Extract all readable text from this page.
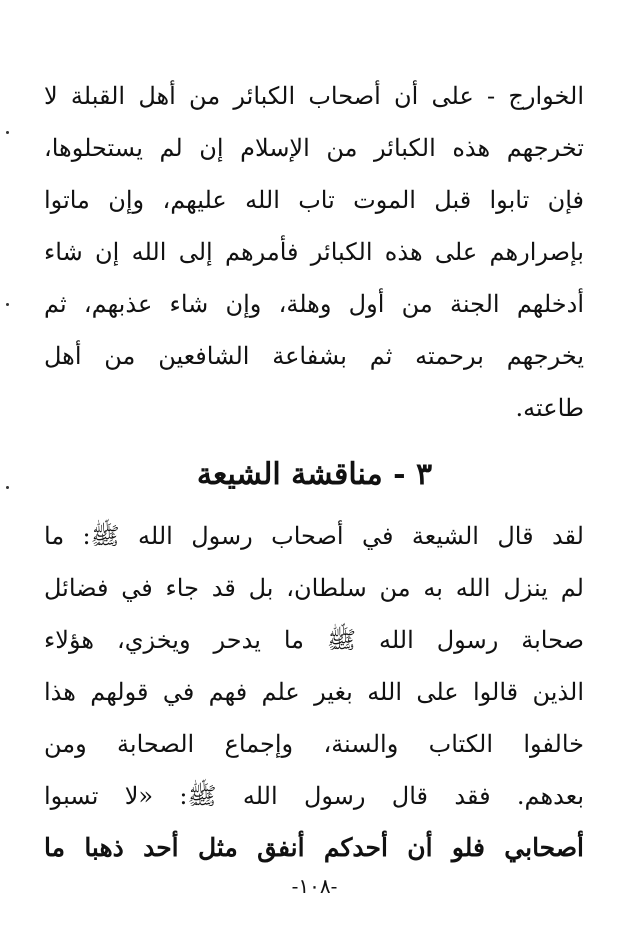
الخوارج - على أن أصحاب الكبائر من أهل القبلة لا
تخرجهم هذه الكبائر من الإسلام إن لم يستحلوها،
فإن تابوا قبل الموت تاب الله عليهم، وإن ماتوا
بإصرارهم على هذه الكبائر فأمرهم إلى الله إن شاء
أدخلهم الجنة من أول وهلة، وإن شاء عذبهم، ثم
يخرجهم برحمته ثم بشفاعة الشافعين من أهل
طاعته.
٣ - مناقشة الشيعة
لقد قال الشيعة في أصحاب رسول الله ﷺ: ما
لم ينزل الله به من سلطان، بل قد جاء في فضائل
صحابة رسول الله ﷺ ما يدحر ويخزي، هؤلاء
الذين قالوا على الله بغير علم فهم في قولهم هذا
خالفوا الكتاب والسنة، وإجماع الصحابة ومن
بعدهم. فقد قال رسول الله ﷺ: «لا تسبوا
أصحابي فلو أن أحدكم أنفق مثل أحد ذهبا ما
-١٠٨-
